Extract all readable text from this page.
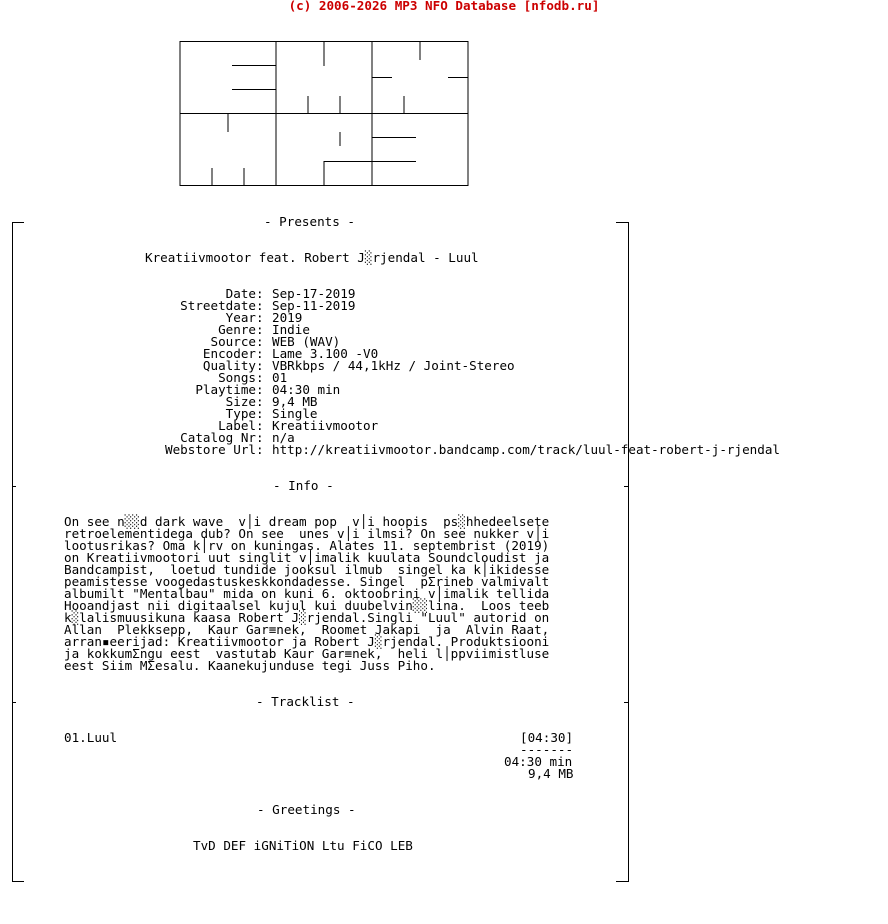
(c) 2006-2026 MP3 NFO Database [nfodb.ru]
- Presents -
Kreatiivmootor feat. Robert J░rjendal - Luul
Date : Sep-17-2019
Streetdate : Sep-11-2019
Year : 2019
Genre : Indie
Source : WEB (WAV)
Encoder : Lame 3.100 -V0
Quality : VBRkbps / 44,1kHz / Joint-Stereo
Songs : 01
Playtime : 04:30 min
Size : 9,4 MB
Type : Single
Label : Kreatiivmootor
Catalog Nr : n/a
Webstore Url : http://kreatiivmootor.bandcamp.com/track/luul-feat-robert-j-rjendal
- Info -
On see n░░d dark wave  v│i dream pop  v│i hoopis  ps░hhedeelsete
retroelementidega dub? On see  unes v│i ilmsi? On see nukker v│i
lootusrikas? Oma k│rv on kuningas. Alates 11. septembrist (2019)
on Kreatiivmootori uut singlit v│imalik kuulata Soundcloudist ja
Bandcampist,  loetud tundide jooksul ilmub  singel ka k│ikidesse
peamistesse voogedastuskeskkondadesse. Singel  pΣrineb valmivalt
albumilt "Mentalbau" mida on kuni 6. oktoobrini v│imalik tellida
Hooandjast nii digitaalsel kujul kui duubelvin░░lina.  Loos teeb
k░lalismuusikuna kaasa Robert J░rjendal.Singli "Luul" autorid on
Allan  Plekksepp,  Kaur Gar≡nek,  Roomet Jakapi  ja  Alvin Raat,
arran▪eerijad: Kreatiivmootor ja Robert J░rjendal. Produktsiooni
ja kokkumΣngu eest  vastutab Kaur Gar≡nek,  heli l│ppviimistluse
eest Siim MΣesalu. Kaanekujunduse tegi Juss Piho.
- Tracklist -
01.Luul	[04:30]
-------
04:30 min
9,4 MB
- Greetings -
TvD DEF iGNiTiON Ltu FiCO LEB
